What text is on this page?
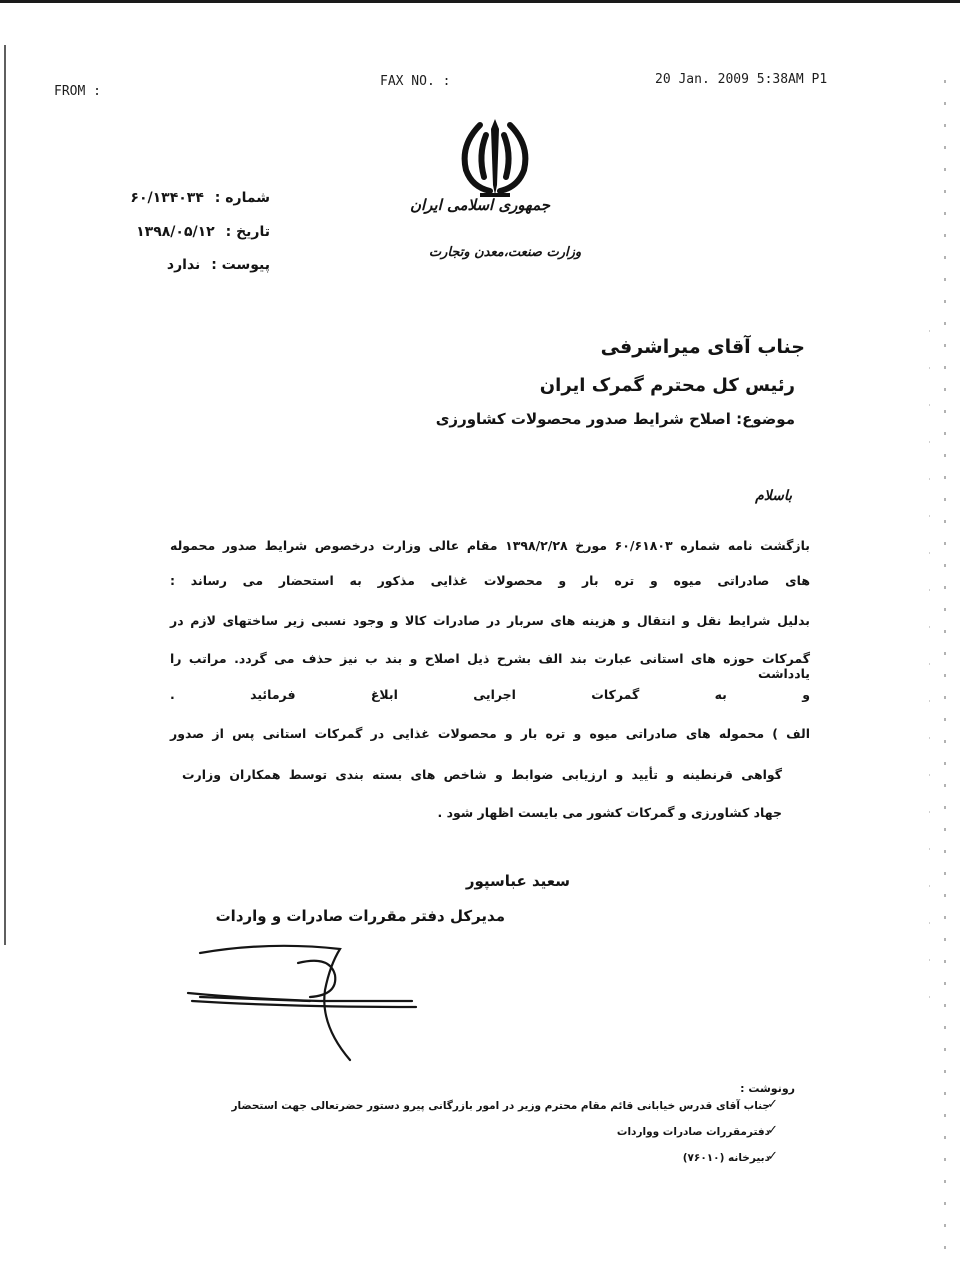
FROM :
FAX NO. :	20 Jan. 2009 5:38AM P1
جمهوری اسلامی ایران
وزارت صنعت،معدن وتجارت
شماره : ۶۰/۱۳۴۰۳۴
تاریخ : ۱۳۹۸/۰۵/۱۲
پیوست : ندارد
جناب آقای میراشرفی
رئیس کل محترم گمرک ایران
موضوع: اصلاح شرایط صدور محصولات کشاورزی
باسلام
بازگشت نامه شماره ۶۰/۶۱۸۰۳ مورخ ۱۳۹۸/۲/۲۸ مقام عالی وزارت درخصوص شرایط صدور محموله
های صادراتی میوه و تره بار و محصولات غذایی مذکور به استحضار می رساند :
بدلیل شرایط نقل و انتقال و هزینه های سربار در صادرات کالا و وجود نسبی زیر ساختهای لازم در
گمرکات حوزه های استانی عبارت بند الف بشرح ذیل اصلاح و بند ب نیز حذف می گردد. مراتب را یادداشت
و به گمرکات اجرایی ابلاغ فرمائید .
الف ) محموله های صادراتی میوه و تره بار و محصولات غذایی در گمرکات استانی پس از صدور
گواهی قرنطینه و تأیید و ارزیابی ضوابط و شاخص های بسته بندی توسط همکاران وزارت
جهاد کشاورزی و گمرکات کشور می بایست اظهار شود .
سعید عباسپور
مدیرکل دفتر مقررات صادرات و واردات
رونوشت :
✓
جناب آقای قدرس خیابانی قائم مقام محترم وزیر در امور بازرگانی پیرو دستور حضرتعالی جهت استحضار
✓
دفترمقررات صادرات وواردات
✓
دبیرخانه (۷۶۰۱۰)
